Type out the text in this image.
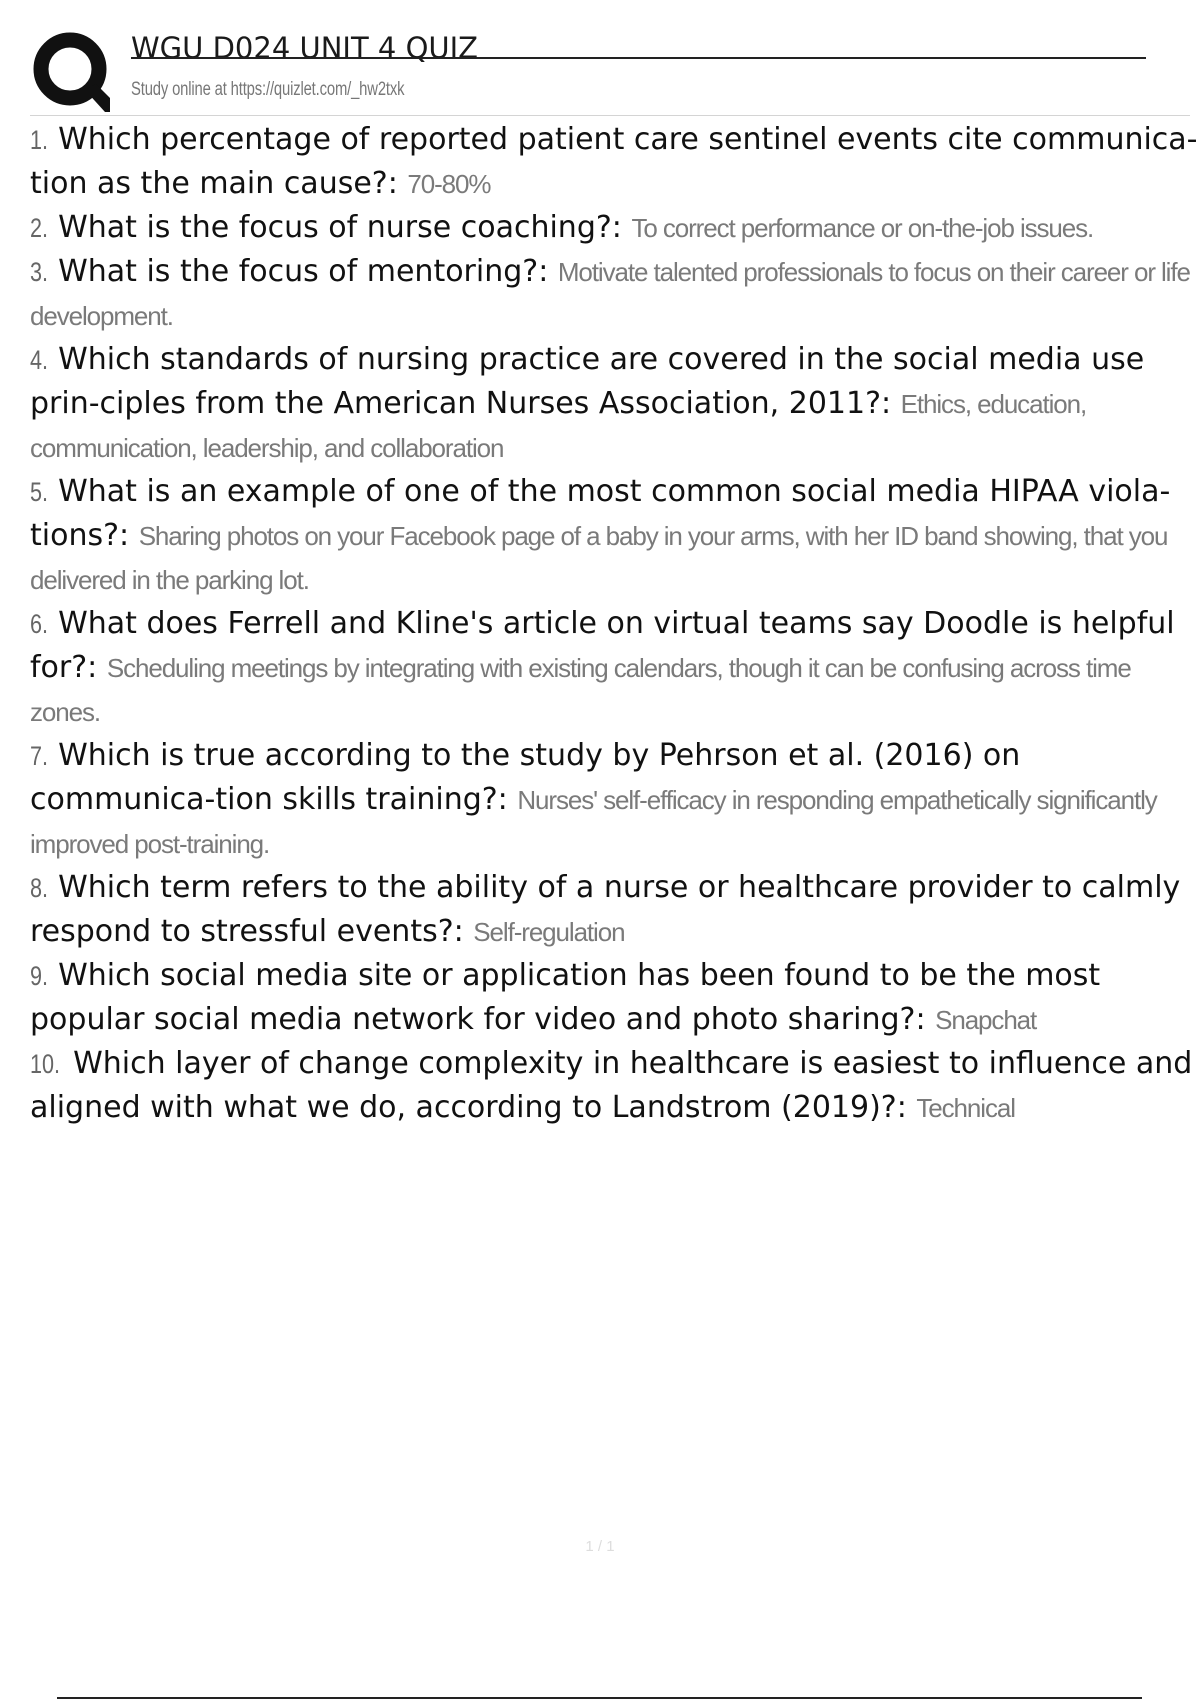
WGU D024 UNIT 4 QUIZ
Study online at https://quizlet.com/_hw2txk
1. Which percentage of reported patient care sentinel events cite communica-tion as the main cause?: 70-80%
2. What is the focus of nurse coaching?: To correct performance or on-the-job issues.
3. What is the focus of mentoring?: Motivate talented professionals to focus on their career or life development.
4. Which standards of nursing practice are covered in the social media use prin-ciples from the American Nurses Association, 2011?: Ethics, education, communication, leadership, and collaboration
5. What is an example of one of the most common social media HIPAA viola-tions?: Sharing photos on your Facebook page of a baby in your arms, with her ID band showing, that you delivered in the parking lot.
6. What does Ferrell and Kline's article on virtual teams say Doodle is helpful for?: Scheduling meetings by integrating with existing calendars, though it can be confusing across time zones.
7. Which is true according to the study by Pehrson et al. (2016) on communica-tion skills training?: Nurses' self-efficacy in responding empathetically significantly improved post-training.
8. Which term refers to the ability of a nurse or healthcare provider to calmly respond to stressful events?: Self-regulation
9. Which social media site or application has been found to be the most popular social media network for video and photo sharing?: Snapchat
10. Which layer of change complexity in healthcare is easiest to influence and aligned with what we do, according to Landstrom (2019)?: Technical
1 / 1
